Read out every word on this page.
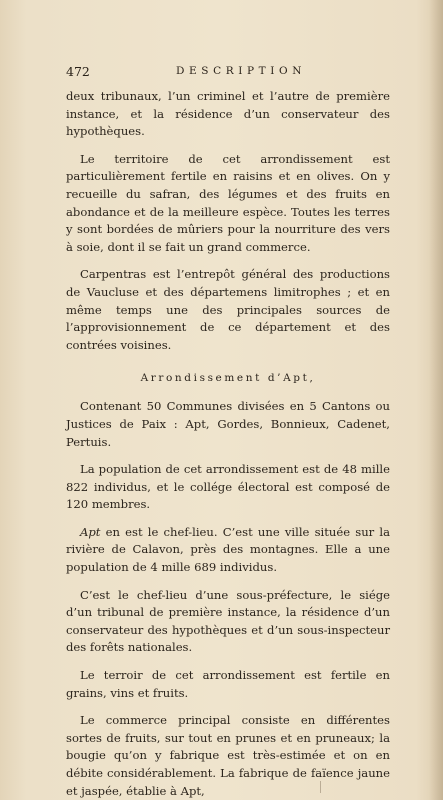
472	DESCRIPTION

deux tribunaux, l’un criminel et l’autre de première instance, et la résidence d’un conservateur des hypothèques.

Le territoire de cet arrondissement est particulièrement fertile en raisins et en olives. On y recueille du safran, des légumes et des fruits en abondance et de la meilleure espèce. Toutes les terres y sont bordées de mûriers pour la nourriture des vers à soie, dont il se fait un grand commerce.

Carpentras est l’entrepôt général des productions de Vaucluse et des départemens limitrophes ; et en même temps une des principales sources de l’approvisionnement de ce département et des contrées voisines.

Arrondissement d’Apt,

Contenant 50 Communes divisées en 5 Cantons ou Justices de Paix : Apt, Gordes, Bonnieux, Cadenet, Pertuis.

La population de cet arrondissement est de 48 mille 822 individus, et le collége électoral est composé de 120 membres.

Apt en est le chef-lieu. C’est une ville située sur la rivière de Calavon, près des montagnes. Elle a une population de 4 mille 689 individus.

C’est le chef-lieu d’une sous-préfecture, le siége d’un tribunal de première instance, la résidence d’un conservateur des hypothèques et d’un sous-inspecteur des forêts nationales.

Le terroir de cet arrondissement est fertile en grains, vins et fruits.

Le commerce principal consiste en différentes sortes de fruits, sur tout en prunes et en pruneaux; la bougie qu’on y fabrique est très-estimée et on en débite considérablement. La fabrique de faïence jaune et jaspée, établie à Apt,
